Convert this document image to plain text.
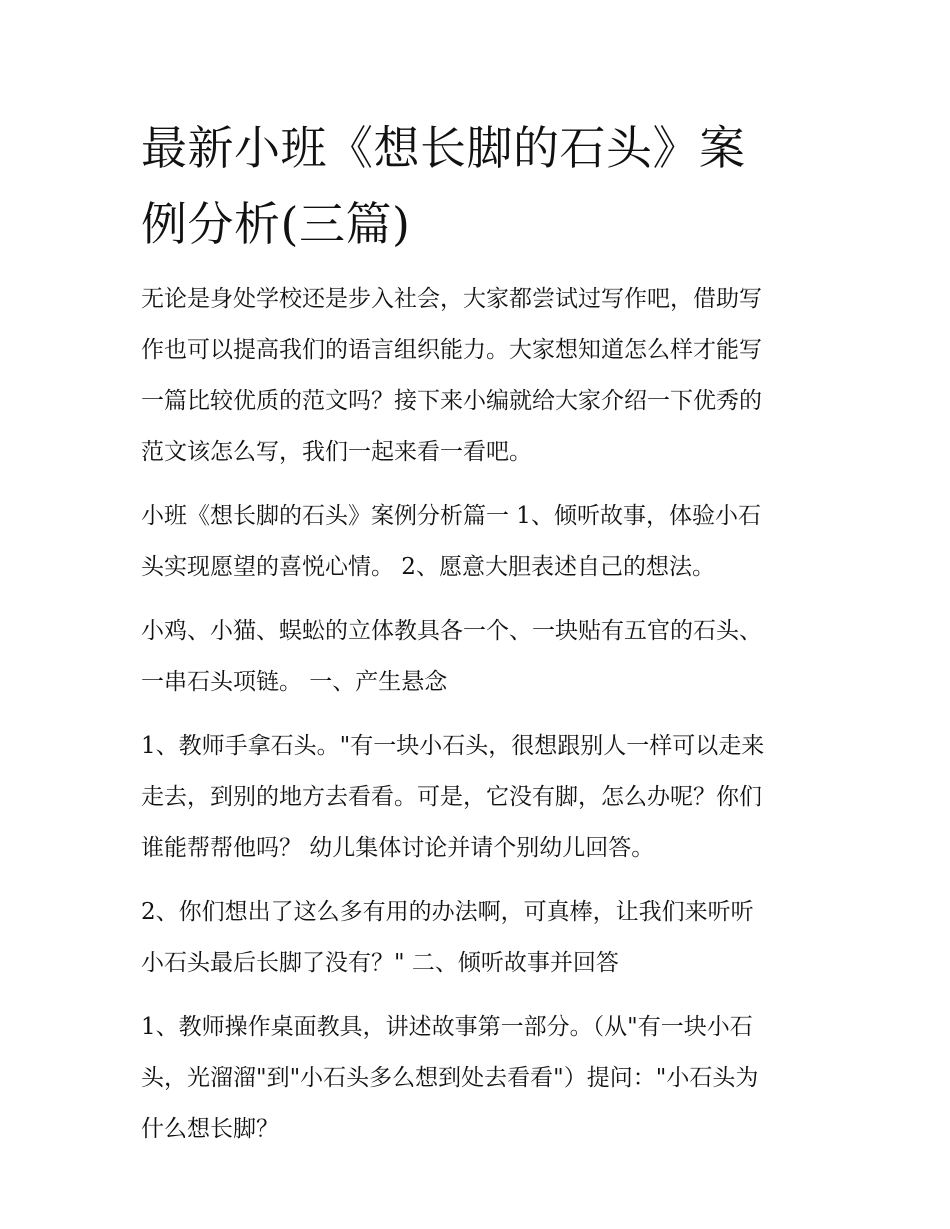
最新小班《想长脚的石头》案
例分析(三篇)

无论是身处学校还是步入社会，大家都尝试过写作吧，借助写
作也可以提高我们的语言组织能力。大家想知道怎么样才能写
一篇比较优质的范文吗？接下来小编就给大家介绍一下优秀的
范文该怎么写，我们一起来看一看吧。

小班《想长脚的石头》案例分析篇一 1、倾听故事，体验小石
头实现愿望的喜悦心情。 2、愿意大胆表述自己的想法。

小鸡、小猫、蜈蚣的立体教具各一个、一块贴有五官的石头、
一串石头项链。 一、产生悬念

1、教师手拿石头。"有一块小石头，很想跟别人一样可以走来
走去，到别的地方去看看。可是，它没有脚，怎么办呢？你们
谁能帮帮他吗？ 幼儿集体讨论并请个别幼儿回答。

2、你们想出了这么多有用的办法啊，可真棒，让我们来听听
小石头最后长脚了没有？" 二、倾听故事并回答

1、教师操作桌面教具，讲述故事第一部分。（从"有一块小石
头，光溜溜"到"小石头多么想到处去看看"）提问："小石头为
什么想长脚？
